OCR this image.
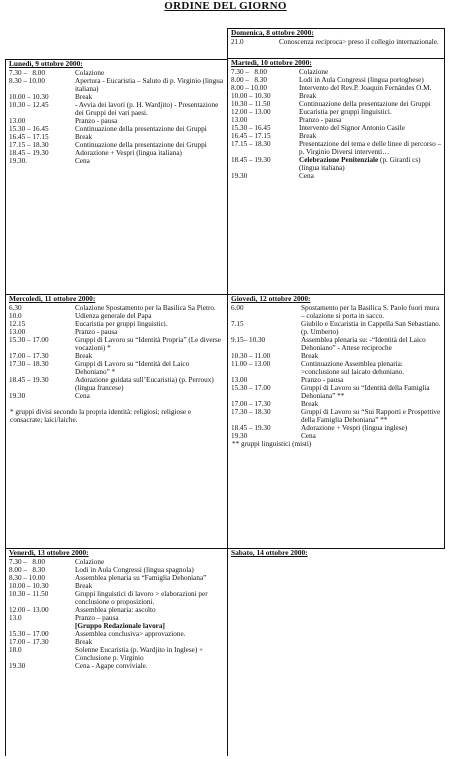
ORDINE DEL GIORNO
Domenica, 8 ottobre 2000:
21.0	Conoscenza reciproca> preso il collegio internazionale.
Lunedì, 9 ottobre 2000:
7.30 –   8.00	Colazione
8.30 – 10.00	Apertura - Eucaristia – Saluto di p. Virginio (lingua italiana)
10.00 – 10.30	Break
10.30 – 12.45	- Avvia dei lavori (p. H. Wardjito) - Presentazione dei Gruppi dei vari paesi.
13.00	Pranzo - pausa
15.30 – 16.45	Continuazione della presentazione dei Gruppi
16.45 – 17.15	Break
17.15 – 18.30	Continuazione della presentazione dei Gruppi
18.45 – 19.30	Adorazione + Vespri (lingua italiana)
19.30.	Cena
Martedì, 10 ottobre 2000:
7.30 –   8.00	Colazione
8.00 –   8.30	Lodi in Aula Congressi (lingua portoghese)
8.00 – 10.00	Intervento del Rev.P. Joaquin Fernándes O.M.
10.00 – 10.30	Break
10.30 – 11.50	Continuazione della presentazione dei Gruppi
12.00 – 13.00	Eucaristia per gruppi linguistici.
13.00	Pranzo - pausa
15.30 – 16.45	Intervento del Signor Antonio Casile
16.45 – 17.15	Break
17.15 – 18.30	Presentazione del tema e delle linee di percorso – p. Virginio Diversi interventi…
18.45 – 19.30	Celebrazione Penitenziale (p. Girardi cs) (lingua italiana)
19.30	Cena
Mercoledì, 11 ottobre 2000:
6.30	Colazione Spostamento per la Basilica Sa Pietro.
10.0	Udienza generale del Papa
12.15	Eucaristia per gruppi linguistici.
13.00	Pranzo - pausa
15.30 – 17.00	Gruppi di Lavoro su “Identità Propria” (Le diverse vocazioni) *
17.00 – 17.30	Break
17.30 – 18.30	Gruppi di Lavoro su “Identità del Laico Dehoniano” *
18.45 – 19.30	Adorazione guidata sull’Eucaristia) (p. Perroux) (lingua francese)
19.30	Cena
* gruppi divisi secondo la propria identità: religiosi; religiose e consacrate; laici/laiche.
Giovedì, 12 ottobre 2000:
6.00	Spostamento per la Basilica S. Paolo fuori mura – colazione si porta in sacco.
7.15	Giubilo e Eucaristia in Cappella San Sebastiano. (p. Umberto)
9.15– 10.30	Assemblea plenaria su: -“Identità del Laico Dehoniano” - Attese reciproche
10.30 – 11.00	Break
11.00 – 13.00	Continuazione Assemblea plenaria: >conclusione sul laicato dehoniano.
13.00	Pranzo - pausa
15.30 – 17.00	Gruppi di Lavoro su “Identità della Famiglia Dehoniana” **
17.00 – 17.30	Break
17.30 – 18.30	Gruppi di Lavoro su “Sui Rapporti e Prospettive della Famiglia Dehoniana” **
18.45 – 19.30	Adorazione + Vespri (lingua inglese)
19.30	Cena
** gruppi linguistici (misti)
Venerdì, 13 ottobre 2000:
7.30 –   8.00	Colazione
8.00 –   8.30	Lodi in Aula Congressi (lingua spagnola)
8.30 – 10.00	Assemblea plenaria su “Famiglia Dehoniana”
10.00 – 10.30	Break
10.30 – 11.50	Gruppi linguistici di lavoro > elaborazioni per conclusione o proposizioni.
12.00 – 13.00	Assemblea plenaria: ascolto
13.0	Pranzo – pausa
[Gruppo Redazionale lavora]
15.30 – 17.00	Assemblea conclusiva> approvazione.
17.00 – 17.30	Break
18.0	Solenne Eucaristia (p. Wardjito in Inglese) + Conclusione p. Virginio
19.30	Cena - Agape conviviale.
Sabato, 14 ottobre 2000:
